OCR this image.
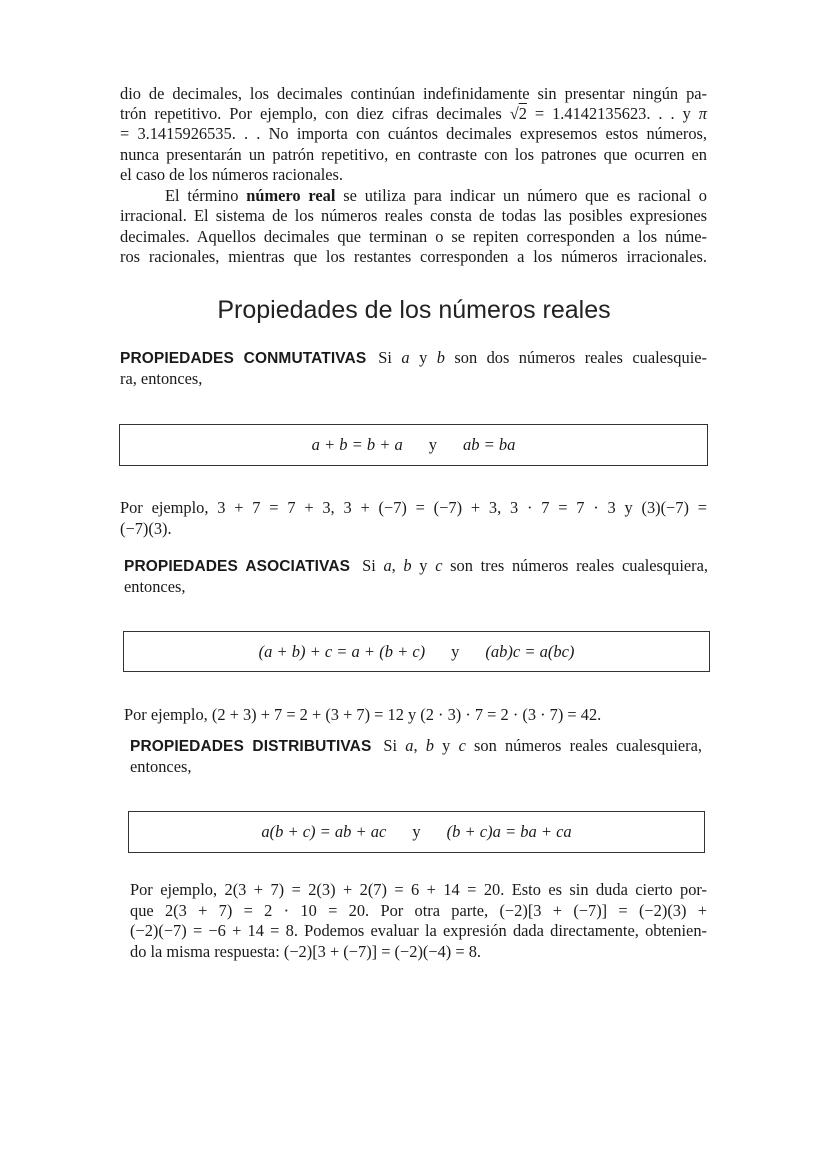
dio de decimales, los decimales continúan indefinidamente sin presentar ningún pa-
trón repetitivo. Por ejemplo, con diez cifras decimales √2 = 1.4142135623. . . y π
= 3.1415926535. . . No importa con cuántos decimales expresemos estos números,
nunca presentarán un patrón repetitivo, en contraste con los patrones que ocurren en
el caso de los números racionales.
El término número real se utiliza para indicar un número que es racional o
irracional. El sistema de los números reales consta de todas las posibles expresiones
decimales. Aquellos decimales que terminan o se repiten corresponden a los núme-
ros racionales, mientras que los restantes corresponden a los números irracionales.
Propiedades de los números reales
PROPIEDADES CONMUTATIVAS Si a y b son dos números reales cualesquie-
ra, entonces,
a + b = b + a y ab = ba
Por ejemplo, 3 + 7 = 7 + 3, 3 + (−7) = (−7) + 3, 3 · 7 = 7 · 3 y (3)(−7) =
(−7)(3).
PROPIEDADES ASOCIATIVAS Si a, b y c son tres números reales cualesquiera,
entonces,
(a + b) + c = a + (b + c) y (ab)c = a(bc)
Por ejemplo, (2 + 3) + 7 = 2 + (3 + 7) = 12 y (2 · 3) · 7 = 2 · (3 · 7) = 42.
PROPIEDADES DISTRIBUTIVAS Si a, b y c son números reales cualesquiera,
entonces,
a(b + c) = ab + ac y (b + c)a = ba + ca
Por ejemplo, 2(3 + 7) = 2(3) + 2(7) = 6 + 14 = 20. Esto es sin duda cierto por-
que 2(3 + 7) = 2 · 10 = 20. Por otra parte, (−2)[3 + (−7)] = (−2)(3) +
(−2)(−7) = −6 + 14 = 8. Podemos evaluar la expresión dada directamente, obtenien-
do la misma respuesta: (−2)[3 + (−7)] = (−2)(−4) = 8.
